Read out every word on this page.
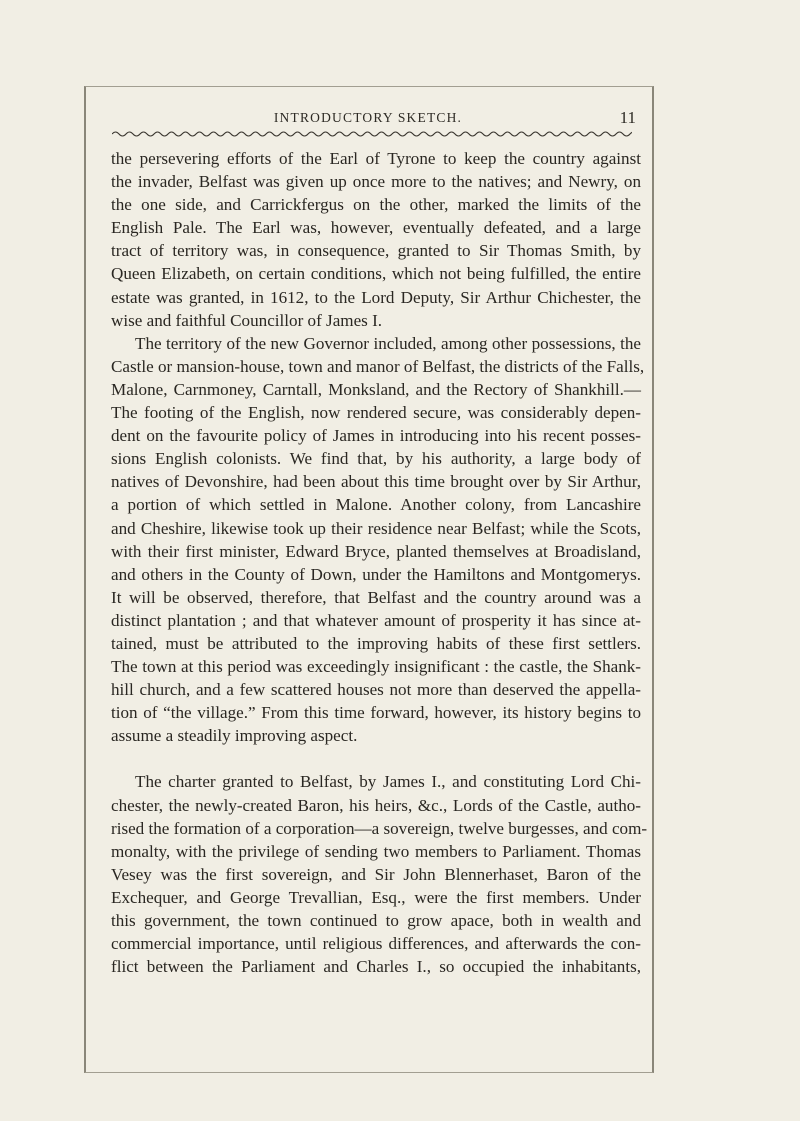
INTRODUCTORY SKETCH.	11

the persevering efforts of the Earl of Tyrone to keep the country against
the invader, Belfast was given up once more to the natives; and Newry, on
the one side, and Carrickfergus on the other, marked the limits of the
English Pale. The Earl was, however, eventually defeated, and a large
tract of territory was, in consequence, granted to Sir Thomas Smith, by
Queen Elizabeth, on certain conditions, which not being fulfilled, the entire
estate was granted, in 1612, to the Lord Deputy, Sir Arthur Chichester, the
wise and faithful Councillor of James I.

The territory of the new Governor included, among other possessions, the
Castle or mansion-house, town and manor of Belfast, the districts of the Falls,
Malone, Carnmoney, Carntall, Monksland, and the Rectory of Shankhill.—
The footing of the English, now rendered secure, was considerably depen-
dent on the favourite policy of James in introducing into his recent posses-
sions English colonists. We find that, by his authority, a large body of
natives of Devonshire, had been about this time brought over by Sir Arthur,
a portion of which settled in Malone. Another colony, from Lancashire
and Cheshire, likewise took up their residence near Belfast; while the Scots,
with their first minister, Edward Bryce, planted themselves at Broadisland,
and others in the County of Down, under the Hamiltons and Montgomerys.
It will be observed, therefore, that Belfast and the country around was a
distinct plantation ; and that whatever amount of prosperity it has since at-
tained, must be attributed to the improving habits of these first settlers.
The town at this period was exceedingly insignificant : the castle, the Shank-
hill church, and a few scattered houses not more than deserved the appella-
tion of “the village.” From this time forward, however, its history begins to
assume a steadily improving aspect.

The charter granted to Belfast, by James I., and constituting Lord Chi-
chester, the newly-created Baron, his heirs, &c., Lords of the Castle, autho-
rised the formation of a corporation—a sovereign, twelve burgesses, and com-
monalty, with the privilege of sending two members to Parliament. Thomas
Vesey was the first sovereign, and Sir John Blennerhaset, Baron of the
Exchequer, and George Trevallian, Esq., were the first members. Under
this government, the town continued to grow apace, both in wealth and
commercial importance, until religious differences, and afterwards the con-
flict between the Parliament and Charles I., so occupied the inhabitants,
